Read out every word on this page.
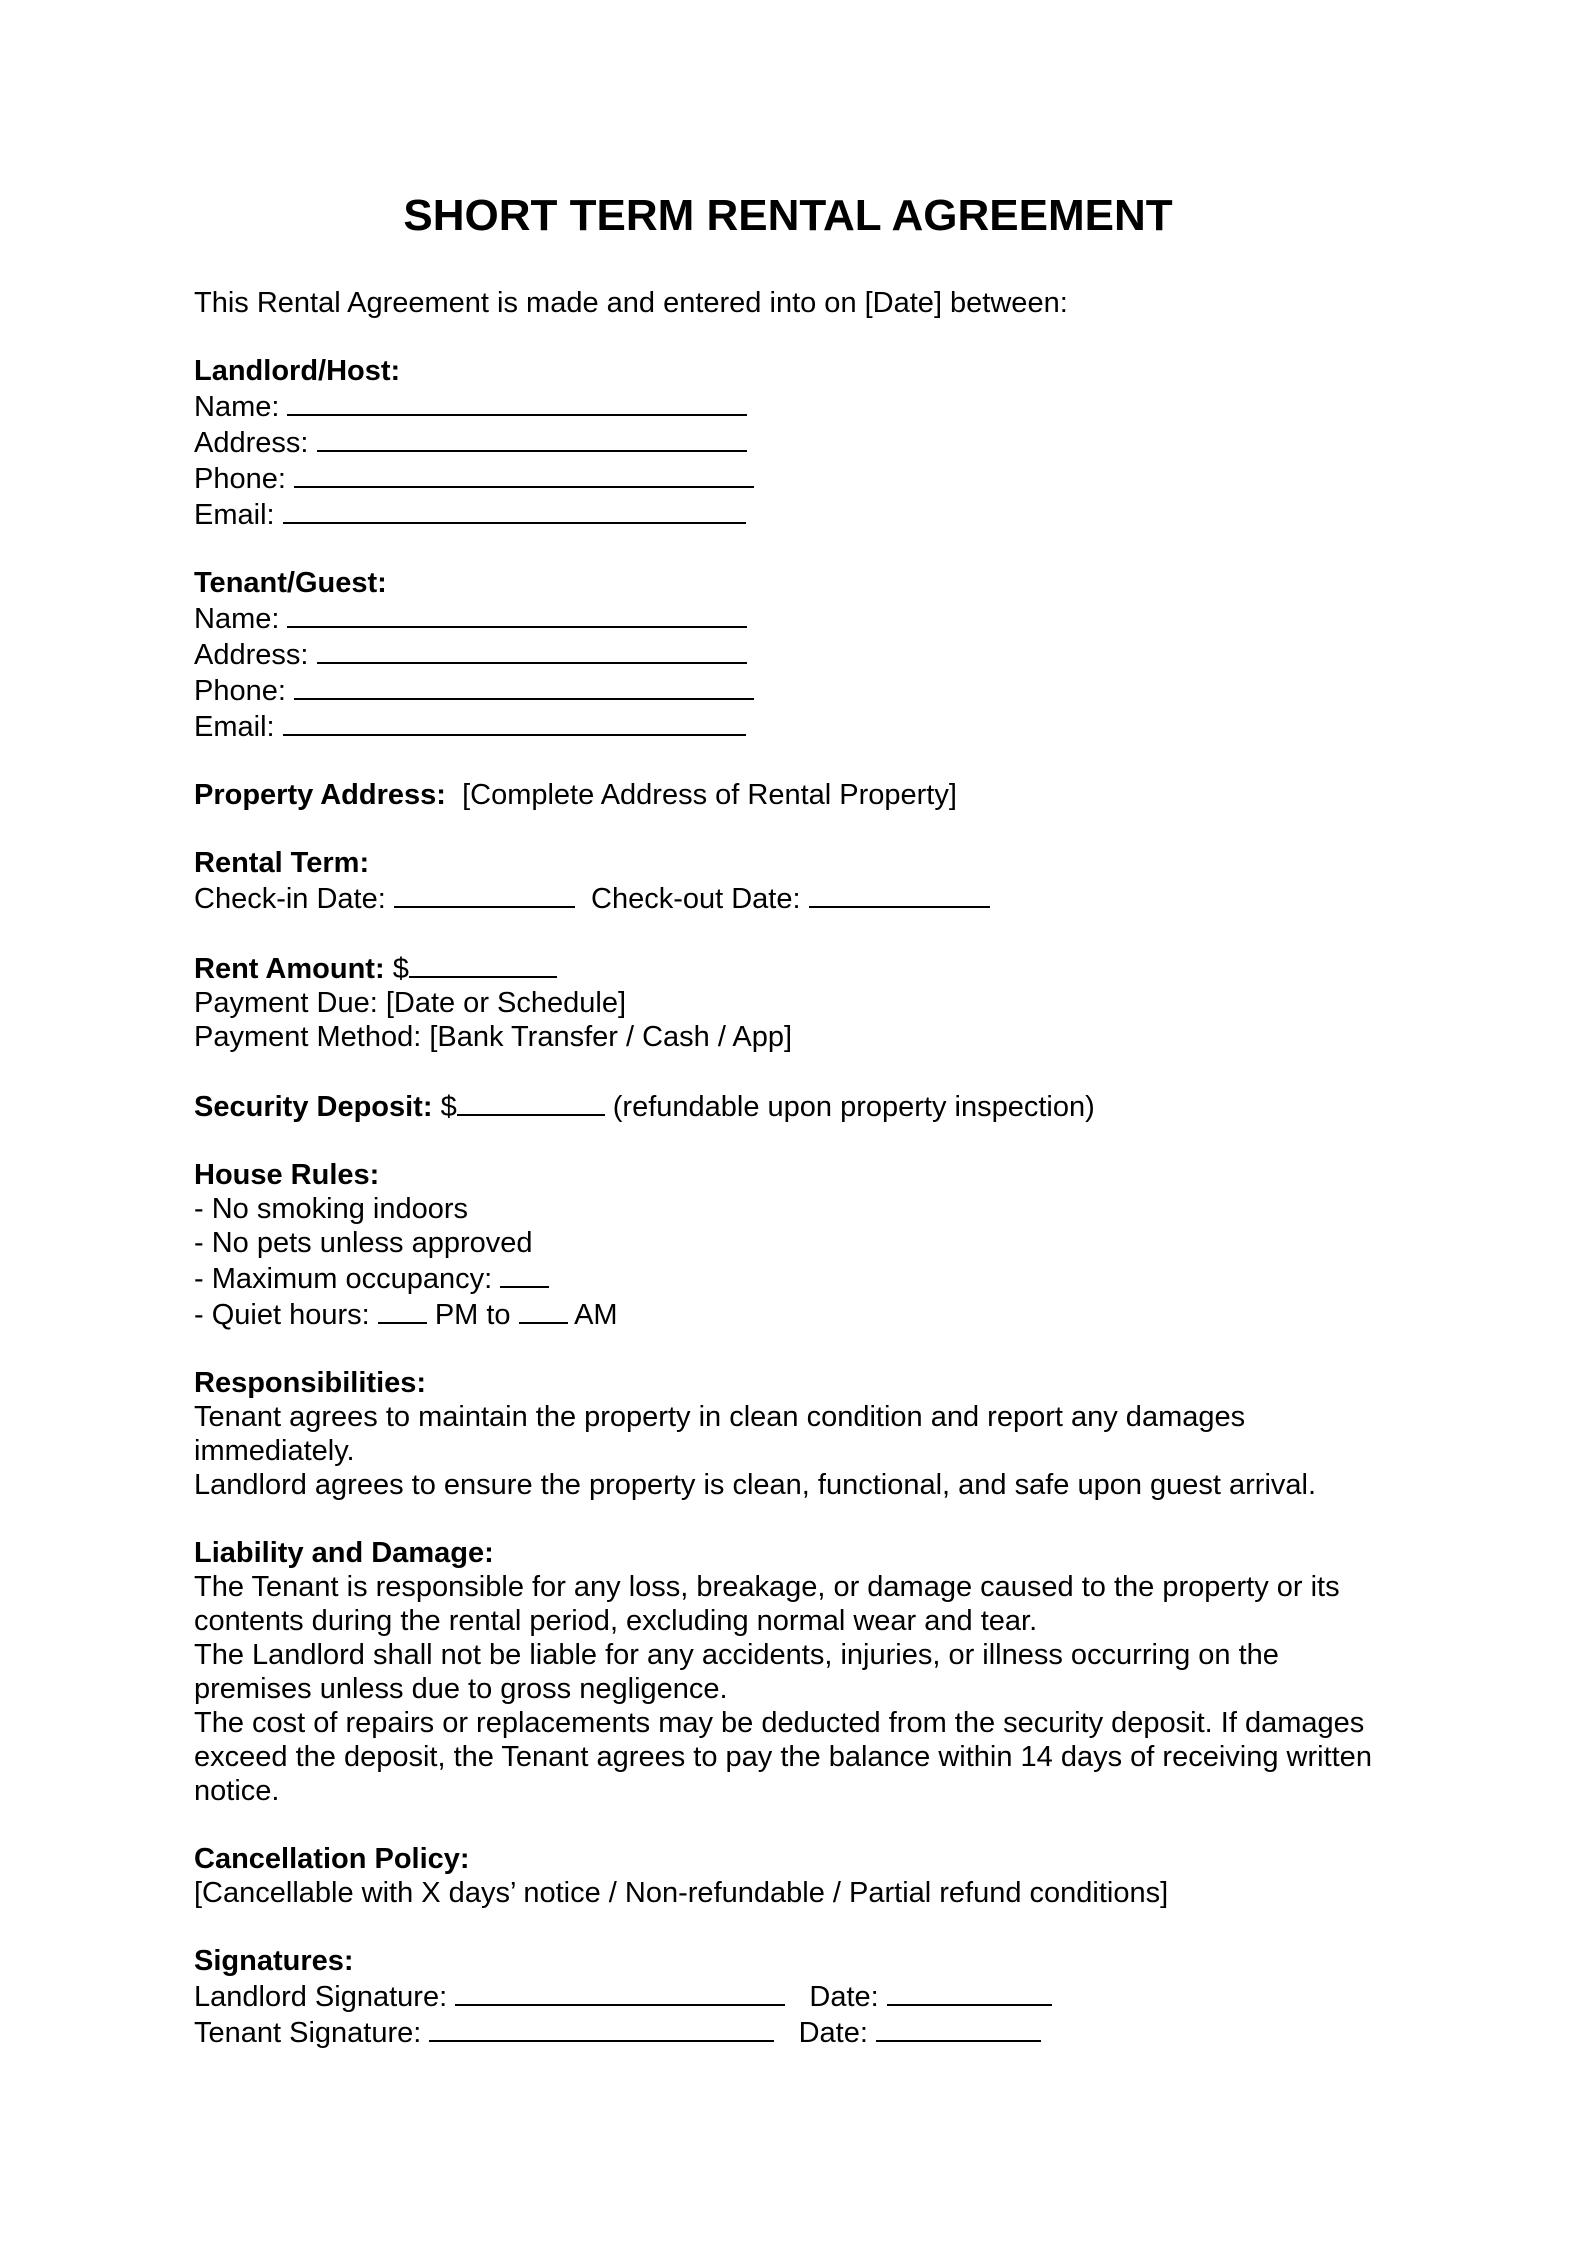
SHORT TERM RENTAL AGREEMENT

This Rental Agreement is made and entered into on [Date] between:

Landlord/Host:

Name:

Address:

Phone:

Email:

Tenant/Guest:

Name:

Address:

Phone:

Email:

Property Address: [Complete Address of Rental Property]

Rental Term:

Check-in Date:	Check-out Date:

Rent Amount: $

Payment Due: [Date or Schedule]

Payment Method: [Bank Transfer / Cash / App]

Security Deposit: $	(refundable upon property inspection)

House Rules:

- No smoking indoors

- No pets unless approved

- Maximum occupancy:

- Quiet hours: PM to AM

Responsibilities:

Tenant agrees to maintain the property in clean condition and report any damages immediately.

Landlord agrees to ensure the property is clean, functional, and safe upon guest arrival.

Liability and Damage:

The Tenant is responsible for any loss, breakage, or damage caused to the property or its contents during the rental period, excluding normal wear and tear.

The Landlord shall not be liable for any accidents, injuries, or illness occurring on the premises unless due to gross negligence.

The cost of repairs or replacements may be deducted from the security deposit. If damages exceed the deposit, the Tenant agrees to pay the balance within 14 days of receiving written notice.

Cancellation Policy:

[Cancellable with X days’ notice / Non-refundable / Partial refund conditions]

Signatures:

Landlord Signature:	Date:

Tenant Signature:	Date:
